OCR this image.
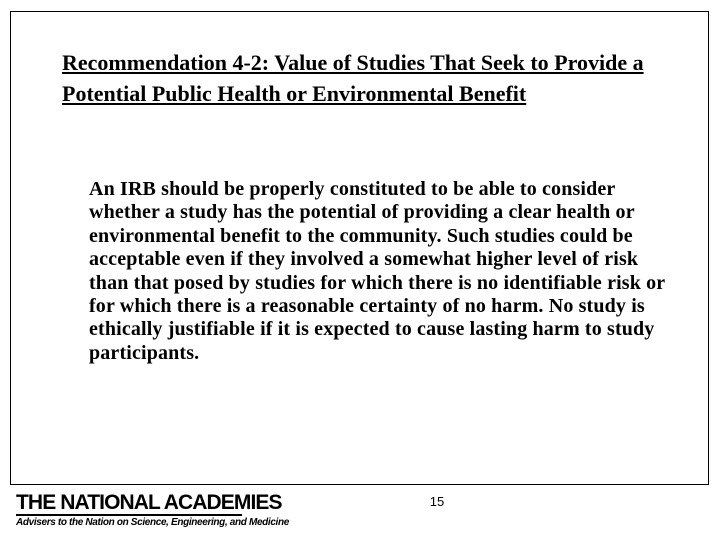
Recommendation 4-2: Value of Studies That Seek to Provide a Potential Public Health or Environmental Benefit

An IRB should be properly constituted to be able to consider whether a study has the potential of providing a clear health or environmental benefit to the community. Such studies could be acceptable even if they involved a somewhat higher level of risk than that posed by studies for which there is no identifiable risk or for which there is a reasonable certainty of no harm. No study is ethically justifiable if it is expected to cause lasting harm to study participants.

15
THE NATIONAL ACADEMIES
Advisers to the Nation on Science, Engineering, and Medicine
